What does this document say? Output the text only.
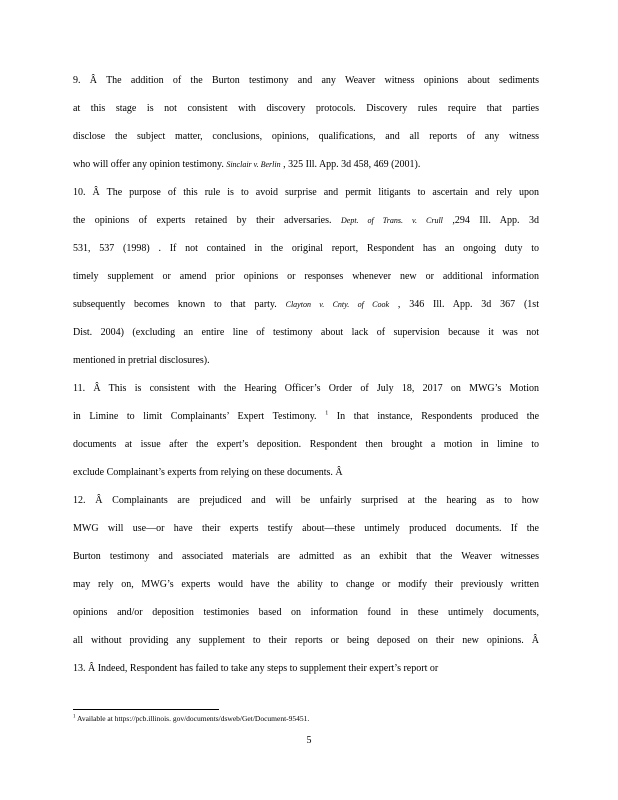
9. Â The addition of the Burton testimony and any Weaver witness opinions about sediments
at this stage is not consistent with discovery protocols. Discovery rules require that parties
disclose the subject matter, conclusions, opinions, qualifications, and all reports of any witness
who will offer any opinion testimony. Sinclair v. Berlin , 325 Ill. App. 3d 458, 469 (2001).
10. Â The purpose of this rule is to avoid surprise and permit litigants to ascertain and rely upon
the opinions of experts retained by their adversaries. Dept. of Trans. v. Crull ,294 Ill. App. 3d
531, 537 (1998) . If not contained in the original report, Respondent has an ongoing duty to
timely supplement or amend prior opinions or responses whenever new or additional information
subsequently becomes known to that party. Clayton v. Cnty. of Cook , 346 Ill. App. 3d 367 (1st
Dist. 2004) (excluding an entire line of testimony about lack of supervision because it was not
mentioned in pretrial disclosures).
11. Â This is consistent with the Hearing Officer’s Order of July 18, 2017 on MWG’s Motion
in Limine to limit Complainants’ Expert Testimony. $^1$ In that instance, Respondents produced the
documents at issue after the expert’s deposition. Respondent then brought a motion in limine to
exclude Complainant’s experts from relying on these documents. Â
12. Â Complainants are prejudiced and will be unfairly surprised at the hearing as to how
MWG will use—or have their experts testify about—these untimely produced documents. If the
Burton testimony and associated materials are admitted as an exhibit that the Weaver witnesses
may rely on, MWG’s experts would have the ability to change or modify their previously written
opinions and/or deposition testimonies based on information found in these untimely documents,
all without providing any supplement to their reports or being deposed on their new opinions. Â
13. Â Indeed, Respondent has failed to take any steps to supplement their expert’s report or
$^1$ Available at https://pcb.illinois. gov/documents/dsweb/Get/Document-95451.
5
